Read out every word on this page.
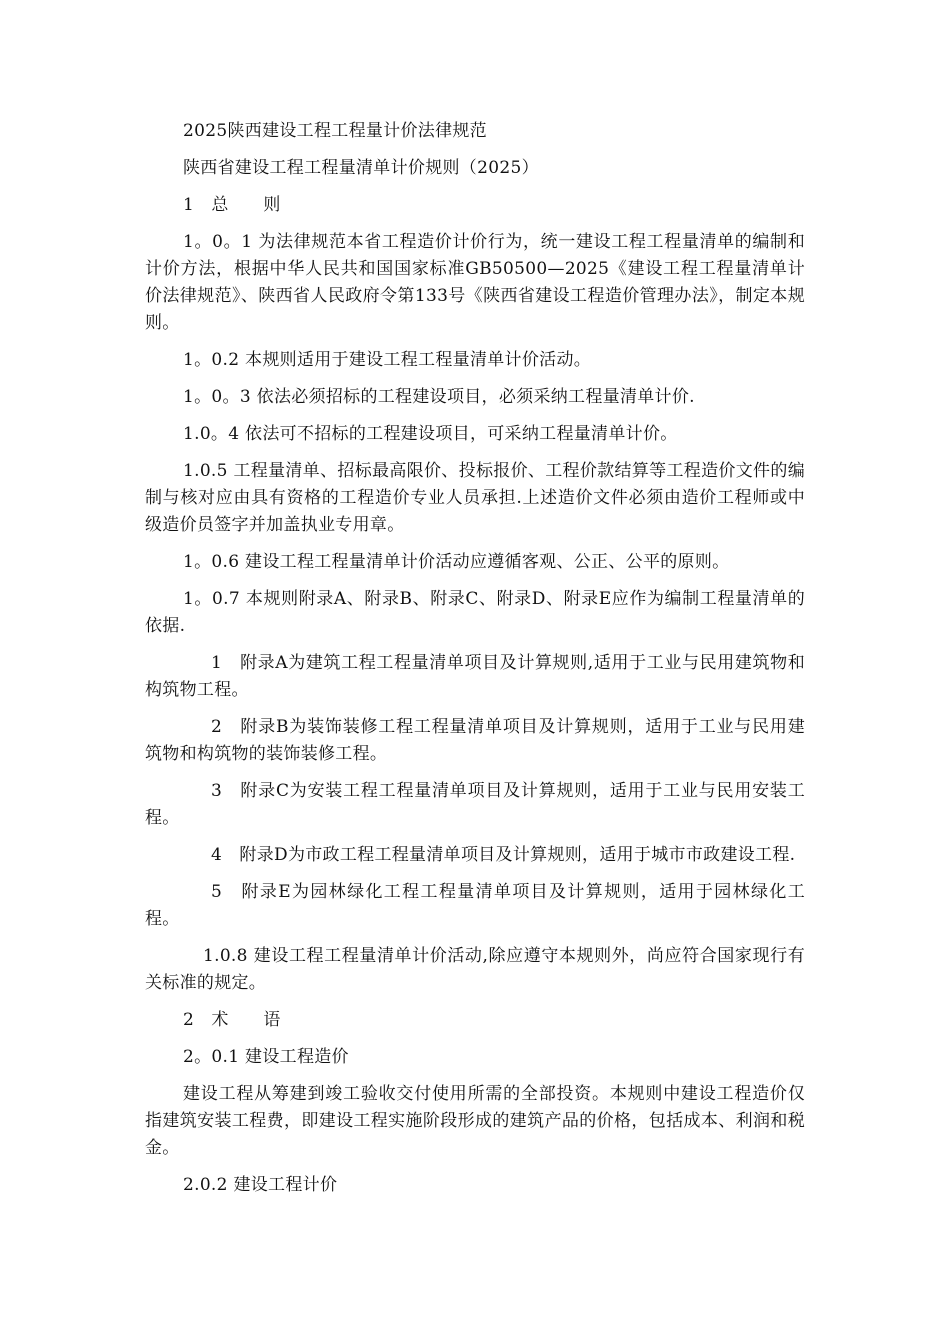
2025陕西建设工程工程量计价法律规范

陕西省建设工程工程量清单计价规则（2025）

1　总　　则

1。0。1 为法律规范本省工程造价计价行为，统一建设工程工程量清单的编制和计价方法，根据中华人民共和国国家标准GB50500—2025《建设工程工程量清单计价法律规范》、陕西省人民政府令第133号《陕西省建设工程造价管理办法》，制定本规则。

1。0.2 本规则适用于建设工程工程量清单计价活动。

1。0。3 依法必须招标的工程建设项目，必须采纳工程量清单计价.

1.0。4 依法可不招标的工程建设项目，可采纳工程量清单计价。

1.0.5 工程量清单、招标最高限价、投标报价、工程价款结算等工程造价文件的编制与核对应由具有资格的工程造价专业人员承担.上述造价文件必须由造价工程师或中级造价员签字并加盖执业专用章。

1。0.6 建设工程工程量清单计价活动应遵循客观、公正、公平的原则。

1。0.7 本规则附录A、附录B、附录C、附录D、附录E应作为编制工程量清单的依据.

1　附录A为建筑工程工程量清单项目及计算规则,适用于工业与民用建筑物和构筑物工程。

2　附录B为装饰装修工程工程量清单项目及计算规则，适用于工业与民用建筑物和构筑物的装饰装修工程。

3　附录C为安装工程工程量清单项目及计算规则，适用于工业与民用安装工程。

4　附录D为市政工程工程量清单项目及计算规则，适用于城市市政建设工程.

5　附录E为园林绿化工程工程量清单项目及计算规则，适用于园林绿化工程。

1.0.8 建设工程工程量清单计价活动,除应遵守本规则外，尚应符合国家现行有关标准的规定。

2　术　　语

2。0.1 建设工程造价

建设工程从筹建到竣工验收交付使用所需的全部投资。本规则中建设工程造价仅指建筑安装工程费，即建设工程实施阶段形成的建筑产品的价格，包括成本、利润和税金。

2.0.2 建设工程计价
